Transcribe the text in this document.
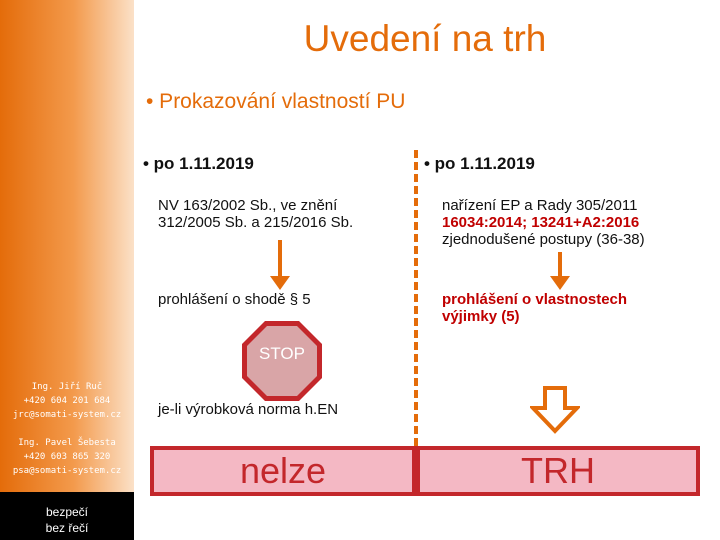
Ing. Jiří Ruč
+420 604 201 684
jrc@somati-system.cz
Ing. Pavel Šebesta
+420 603 865 320
psa@somati-system.cz
bezpečí
bez řečí
Uvedení na trh
• Prokazování vlastností PU
• po 1.11.2019	• po 1.11.2019
NV 163/2002 Sb., ve znění
312/2005 Sb. a 215/2016 Sb.
prohlášení o shodě § 5
nařízení EP a Rady 305/2011
16034:2014; 13241+A2:2016
zjednodušené postupy (36-38)
prohlášení o vlastnostech
výjimky (5)
STOP
je-li výrobková norma h.EN
nelze	TRH
